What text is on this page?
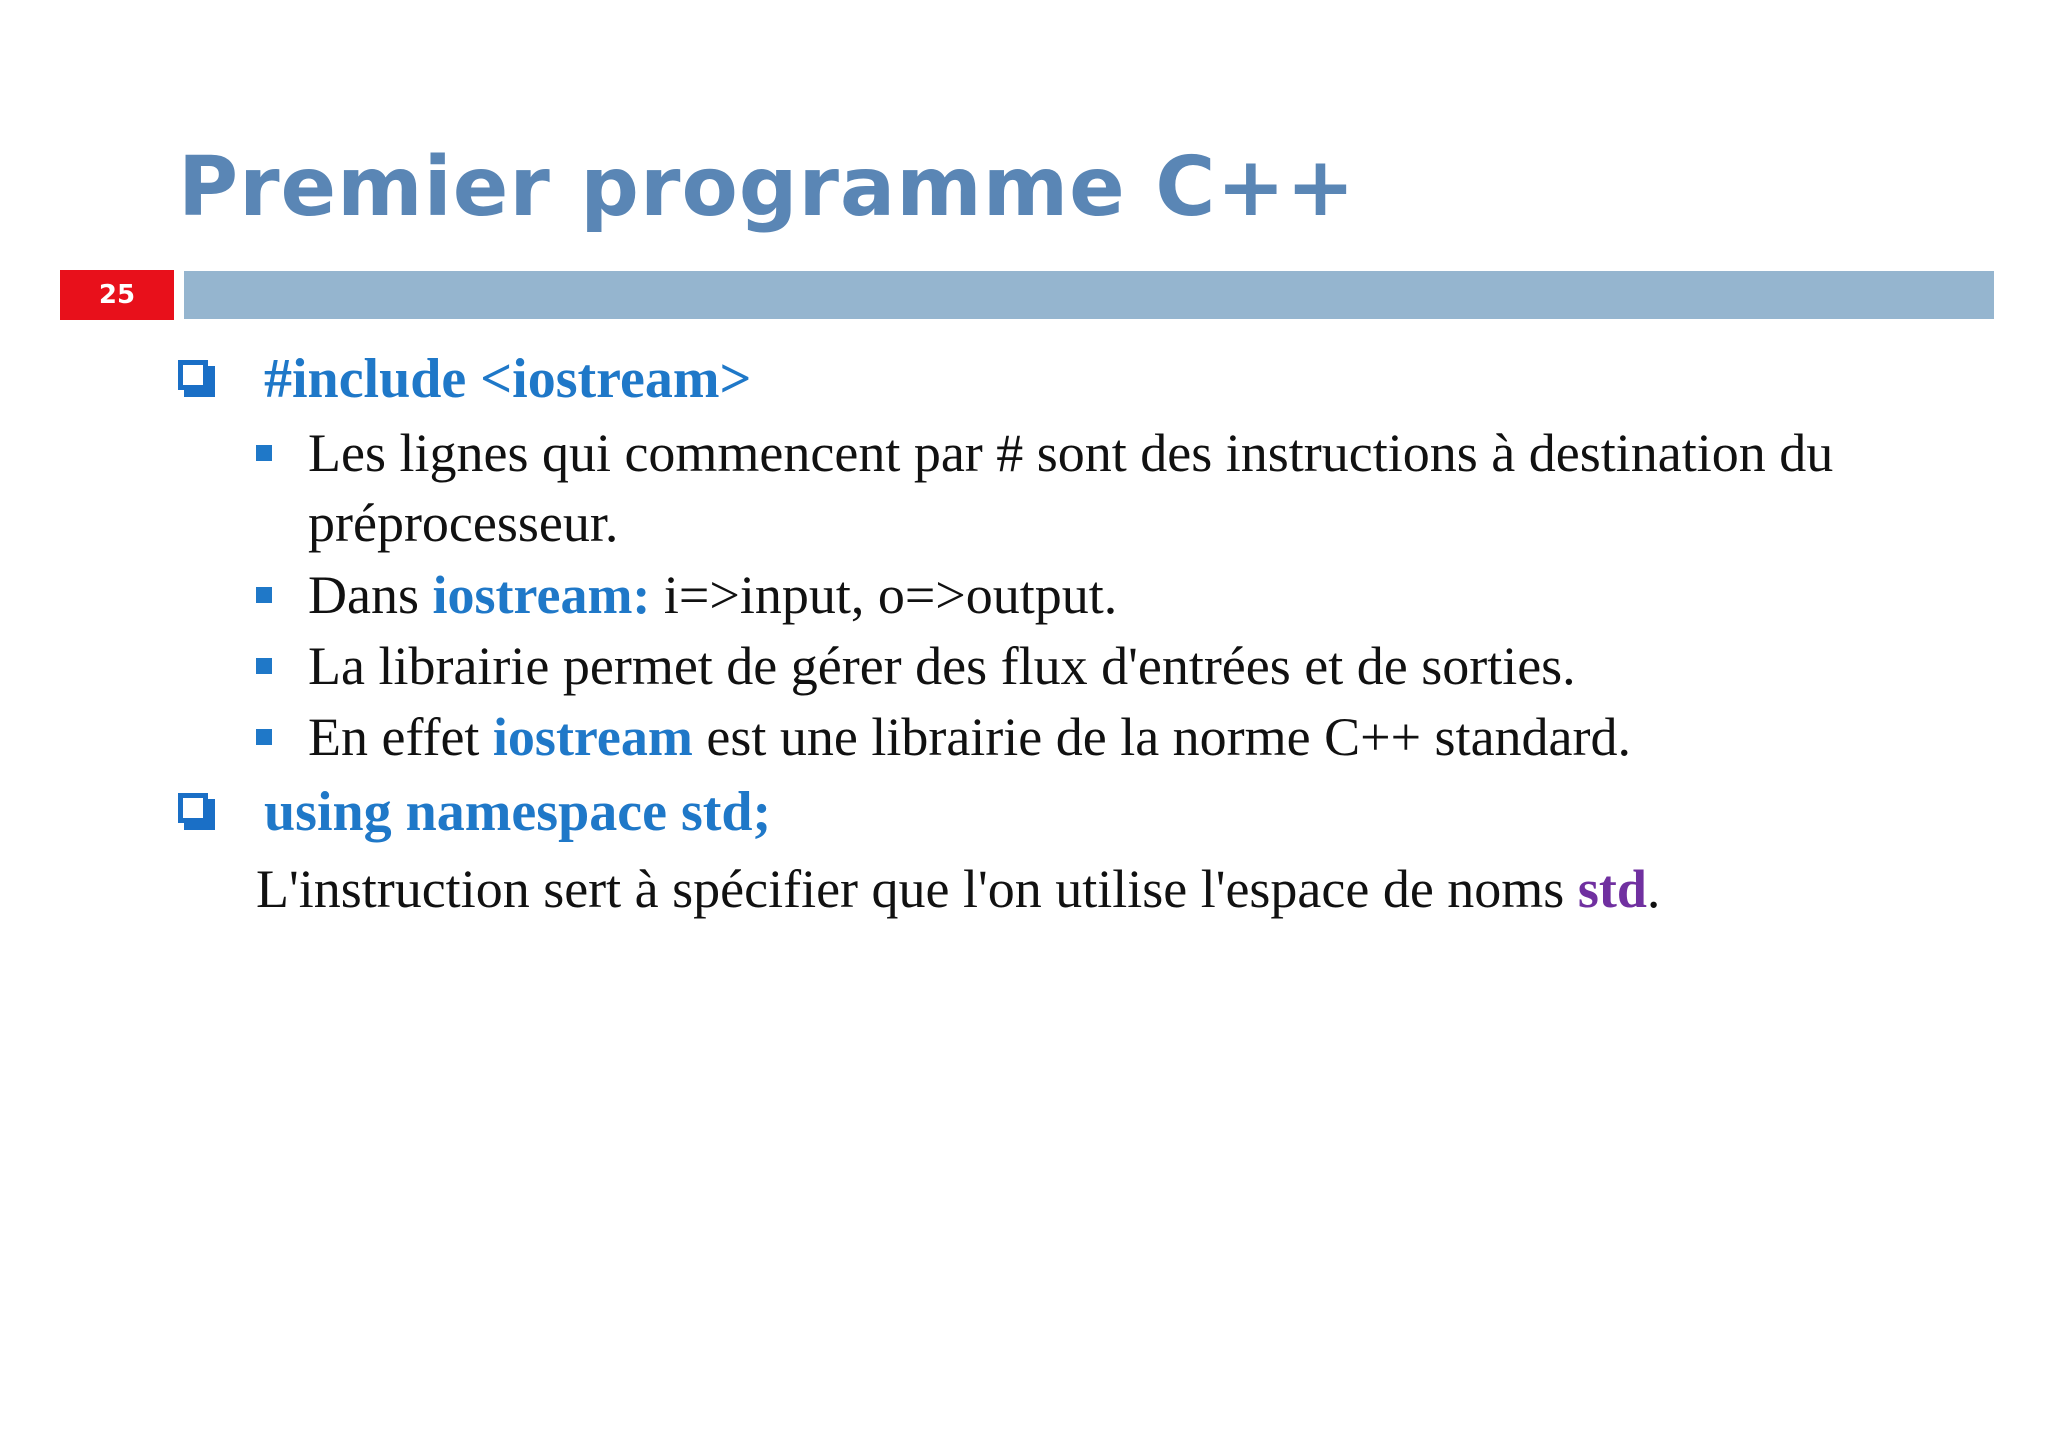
Premier programme C++
25
#include <iostream>
Les lignes qui commencent par # sont des instructions à destination du
préprocesseur.
Dans iostream: i=>input, o=>output.
La librairie permet de gérer des flux d'entrées et de sorties.
En effet iostream est une librairie de la norme C++ standard.
using namespace std;
L'instruction sert à spécifier que l'on utilise l'espace de noms std.
